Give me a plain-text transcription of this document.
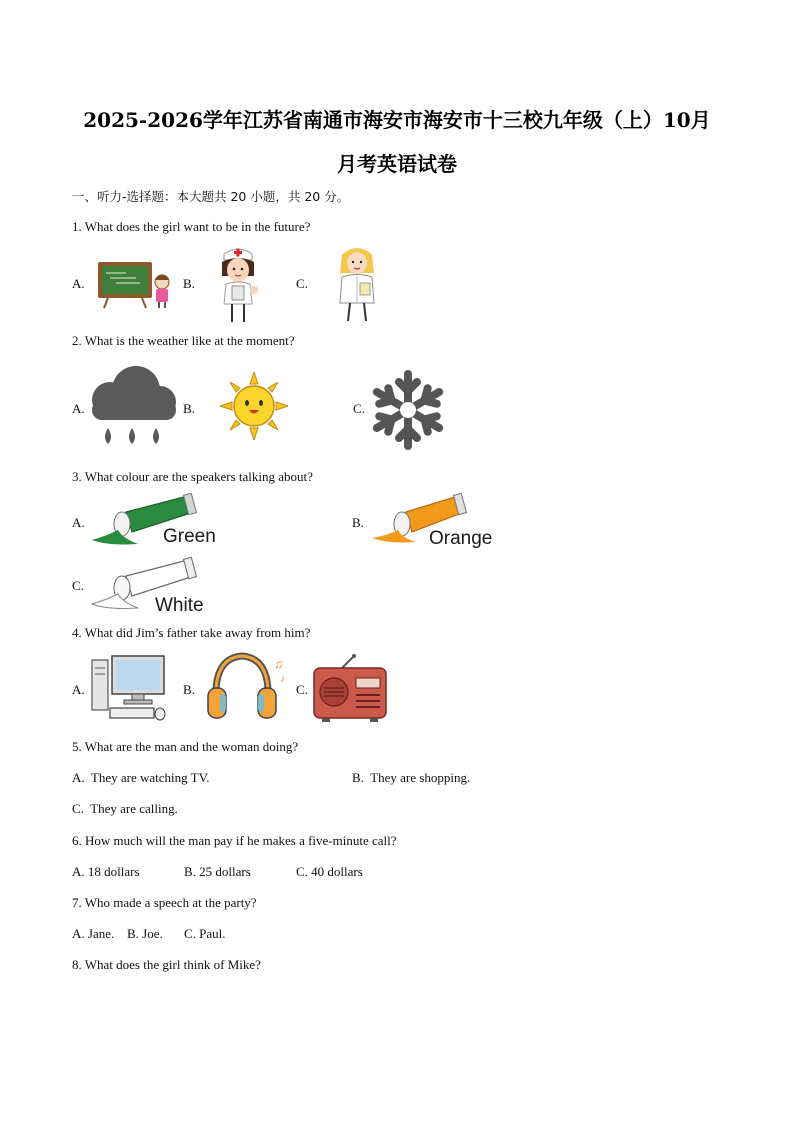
2025-2026学年江苏省南通市海安市海安市十三校九年级（上）10月
月考英语试卷
一、听力-选择题：本大题共 20 小题，共 20 分。
1. What does the girl want to be in the future?
A.	B.	C.
2. What is the weather like at the moment?
A.	B.	C.
3. What colour are the speakers talking about?
A.
Green
B.
Orange
C.
White
4. What did Jim’s father take away from him?
A.	B.
♫
♪
C.
5. What are the man and the woman doing?
A. They are watching TV.	B. They are shopping.
C. They are calling.
6. How much will the man pay if he makes a five-minute call?
A. 18 dollars	B. 25 dollars	C. 40 dollars
7. Who made a speech at the party?
A. Jane. B. Joe. C. Paul.
8. What does the girl think of Mike?
